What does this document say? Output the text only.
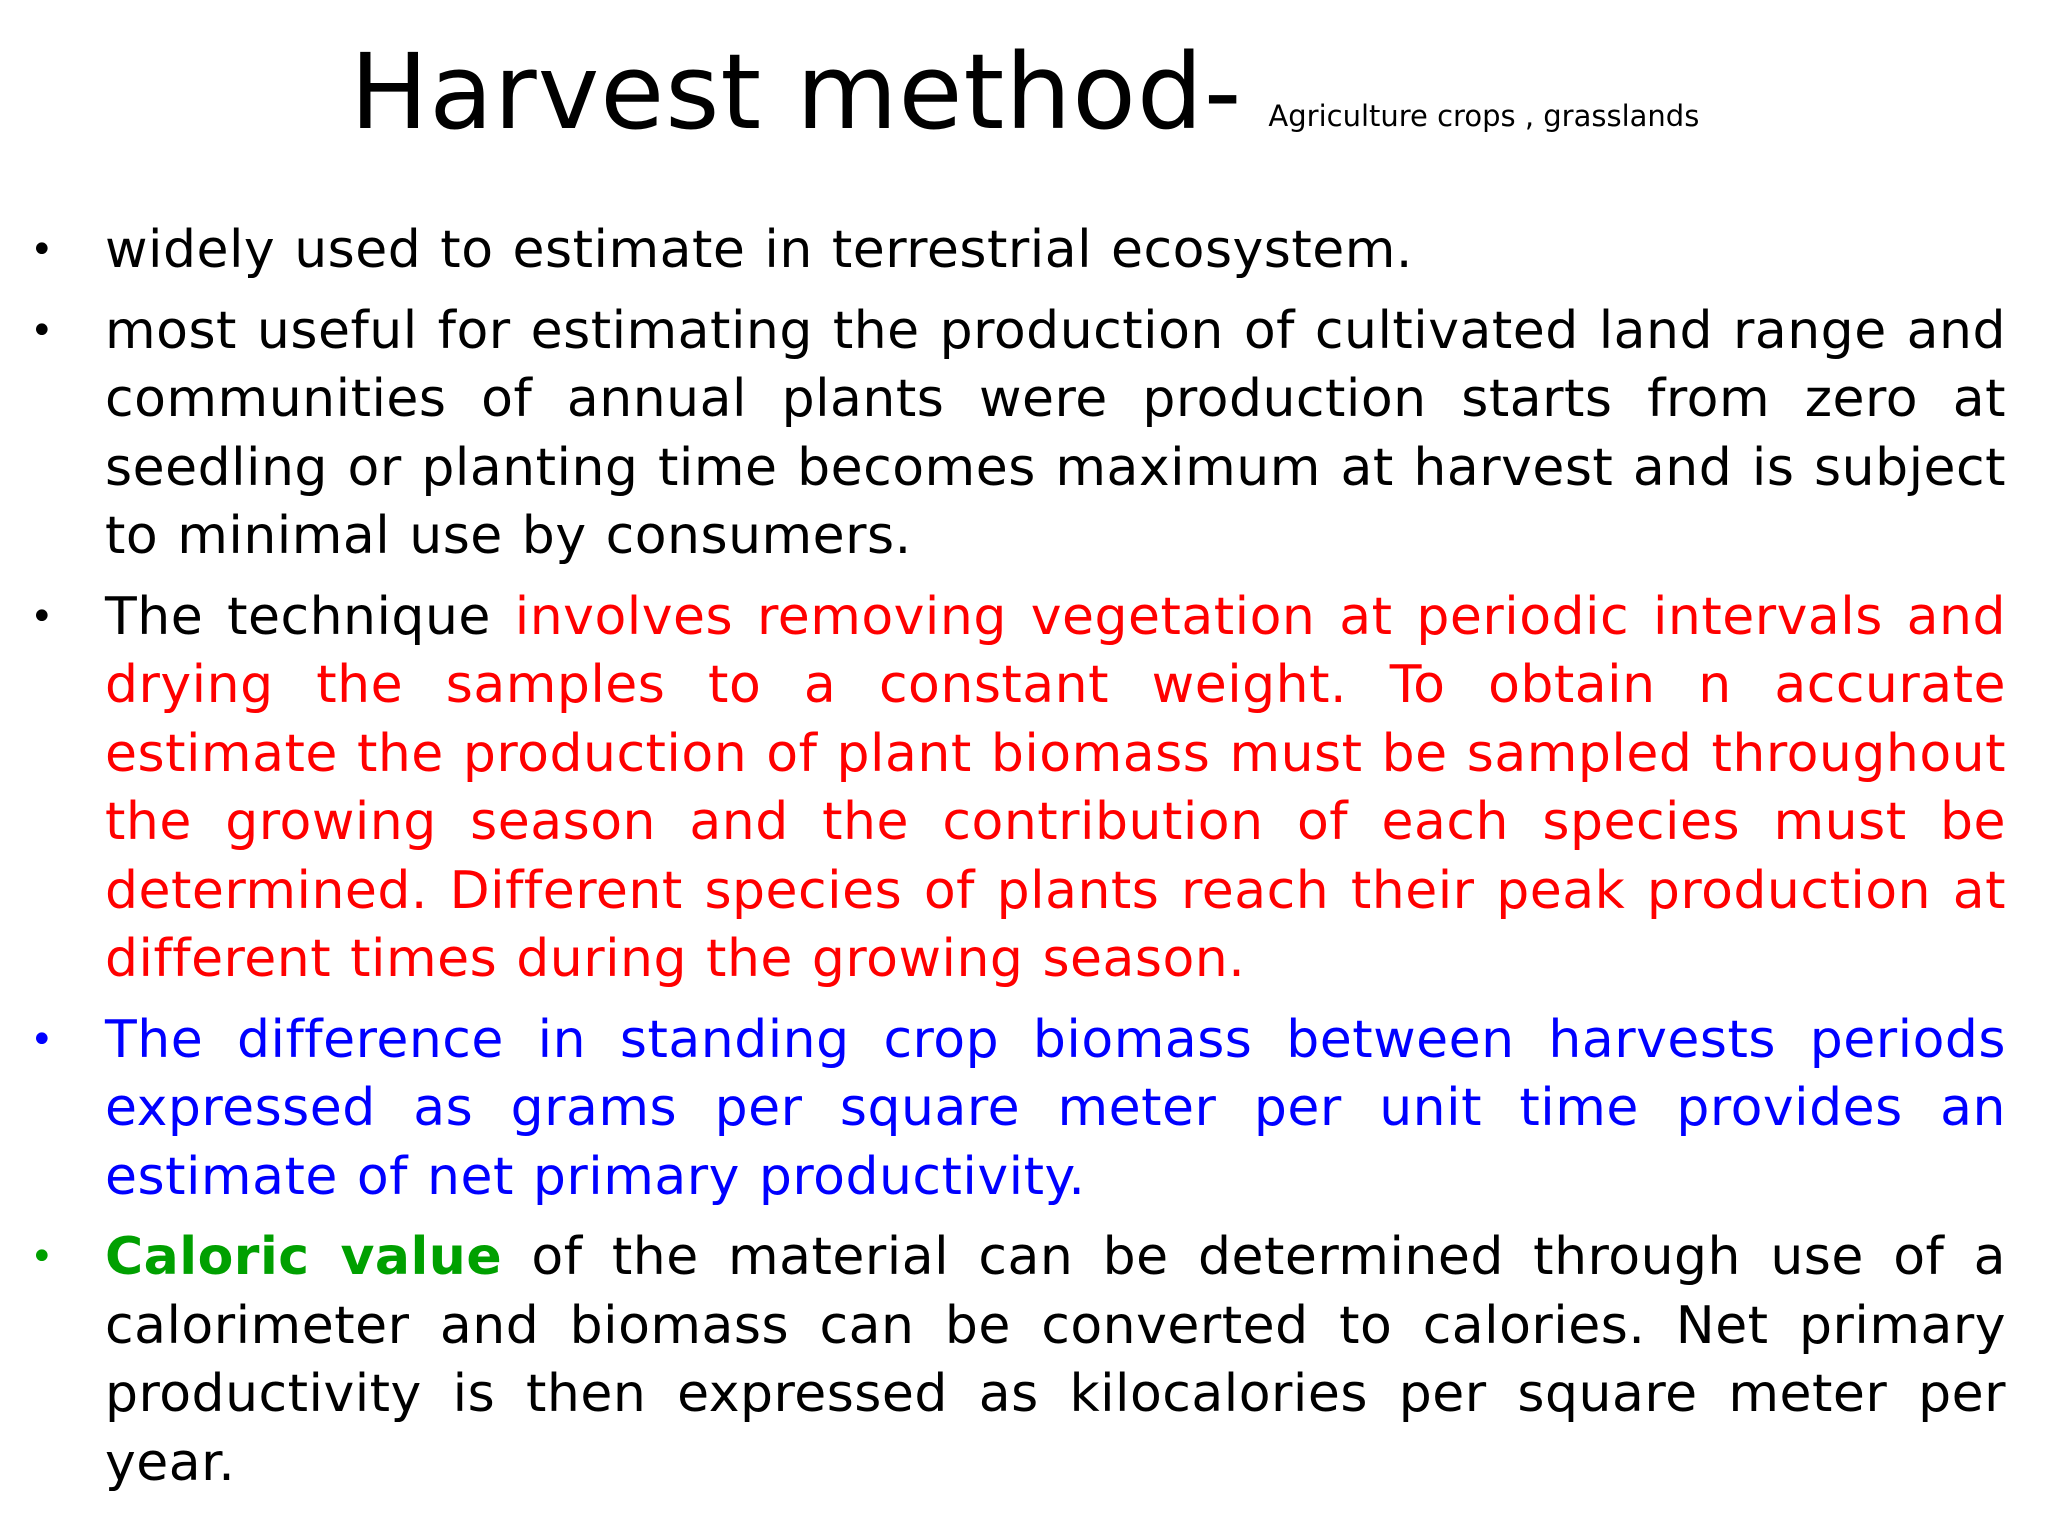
Harvest method- Agriculture crops , grasslands
• widely used to estimate in terrestrial ecosystem.
• most useful for estimating the production of cultivated land range and communities of annual plants were production starts from zero at seedling or planting time becomes maximum at harvest and is subject to minimal use by consumers.
• The technique involves removing vegetation at periodic intervals and drying the samples to a constant weight. To obtain n accurate estimate the production of plant biomass must be sampled throughout the growing season and the contribution of each species must be determined. Different species of plants reach their peak production at different times during the growing season.
• The difference in standing crop biomass between harvests periods expressed as grams per square meter per unit time provides an estimate of net primary productivity.
• Caloric value of the material can be determined through use of a calorimeter and biomass can be converted to calories. Net primary productivity is then expressed as kilocalories per square meter per year.
